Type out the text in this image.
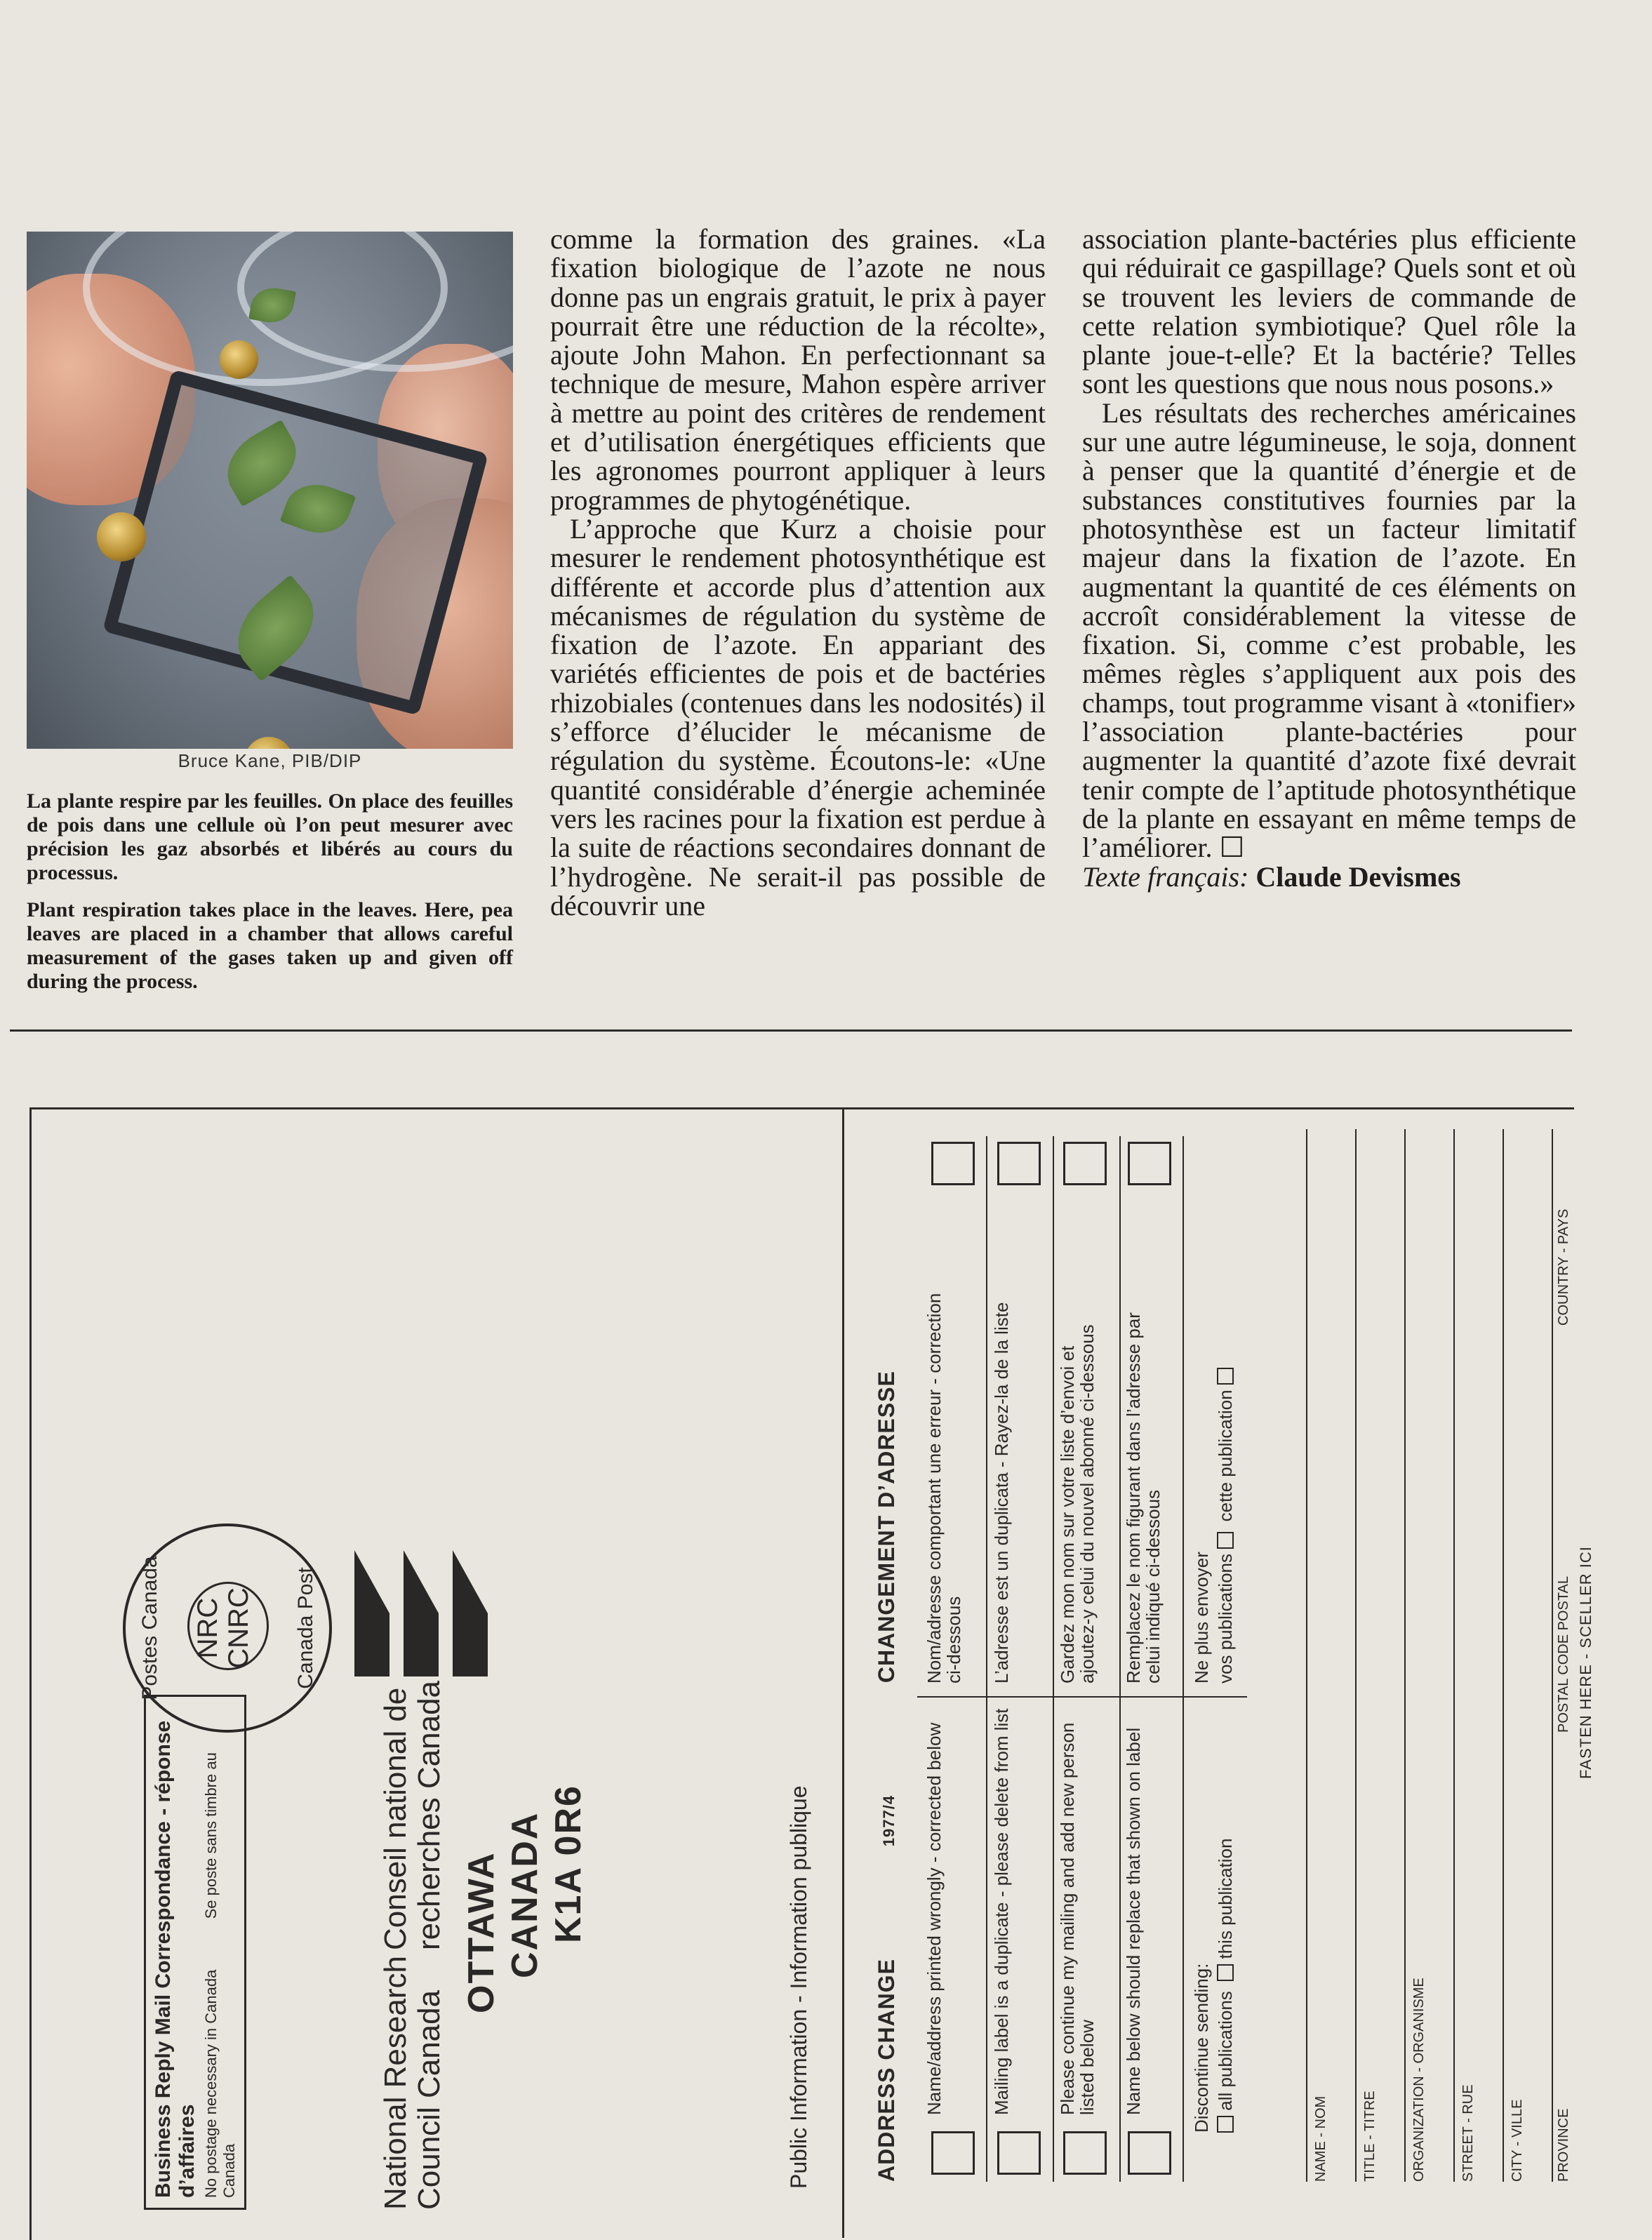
Bruce Kane, PIB/DIP
La plante respire par les feuilles. On place des feuilles de pois dans une cellule où l’on peut mesurer avec précision les gaz absorbés et libérés au cours du processus.
Plant respiration takes place in the leaves. Here, pea leaves are placed in a chamber that allows careful measurement of the gases taken up and given off during the process.

comme la formation des graines. «La fixation biologique de l’azote ne nous donne pas un engrais gratuit, le prix à payer pourrait être une réduction de la récolte», ajoute John Mahon. En perfectionnant sa technique de mesure, Mahon espère arriver à mettre au point des critères de rendement et d’utilisation énergétiques efficients que les agronomes pourront appliquer à leurs programmes de phytogénétique.

L’approche que Kurz a choisie pour mesurer le rendement photosynthétique est différente et accorde plus d’attention aux mécanismes de régulation du système de fixation de l’azote. En appariant des variétés efficientes de pois et de bactéries rhizobiales (contenues dans les nodosités) il s’efforce d’élucider le mécanisme de régulation du système. Écoutons-le: «Une quantité considérable d’énergie acheminée vers les racines pour la fixation est perdue à la suite de réactions secondaires donnant de l’hydrogène. Ne serait-il pas possible de découvrir une

association plante-bactéries plus efficiente qui réduirait ce gaspillage? Quels sont et où se trouvent les leviers de commande de cette relation symbiotique? Quel rôle la plante joue-t-elle? Et la bactérie? Telles sont les questions que nous nous posons.»

Les résultats des recherches américaines sur une autre légumineuse, le soja, donnent à penser que la quantité d’énergie et de substances constitutives fournies par la photosynthèse est un facteur limitatif majeur dans la fixation de l’azote. En augmentant la quantité de ces éléments on accroît considérablement la vitesse de fixation. Si, comme c’est probable, les mêmes règles s’appliquent aux pois des champs, tout programme visant à «tonifier» l’association plante-bactéries pour augmenter la quantité d’azote fixé devrait tenir compte de l’aptitude photosynthétique de la plante en essayant en même temps de l’améliorer. ☐

Texte français: Claude Devismes

Business Reply Mail Correspondance - réponse d’affaires No postage necessary in Canada  Se poste sans timbre au Canada
NRC CNRC
Postes Canada	Canada Post
National Research Council Canada
Conseil national de recherches Canada OTTAWA CANADA K1A 0R6	Public Information - Information publique	ADDRESS CHANGE  1977/4  CHANGEMENT D’ADRESSE
Name/address printed wrongly - corrected below
Nom/adresse comportant une erreur - correction ci-dessous
Mailing label is a duplicate - please delete from list
L’adresse est un duplicata - Rayez-la de la liste
Please continue my mailing and add new person listed below
Gardez mon nom sur votre liste d’envoi et ajoutez-y celui du nouvel abonné ci-dessous
Name below should replace that shown on label
Remplacez le nom figurant dans l’adresse par celui indiqué ci-dessous
Discontinue sending: all publications   this publication
Ne plus envoyer vos publications   cette publication
NAME - NOM TITLE - TITRE ORGANIZATION - ORGANISME STREET - RUE CITY - VILLE PROVINCE
POSTAL CODE POSTAL
COUNTRY - PAYS
FASTEN HERE - SCELLER ICI
